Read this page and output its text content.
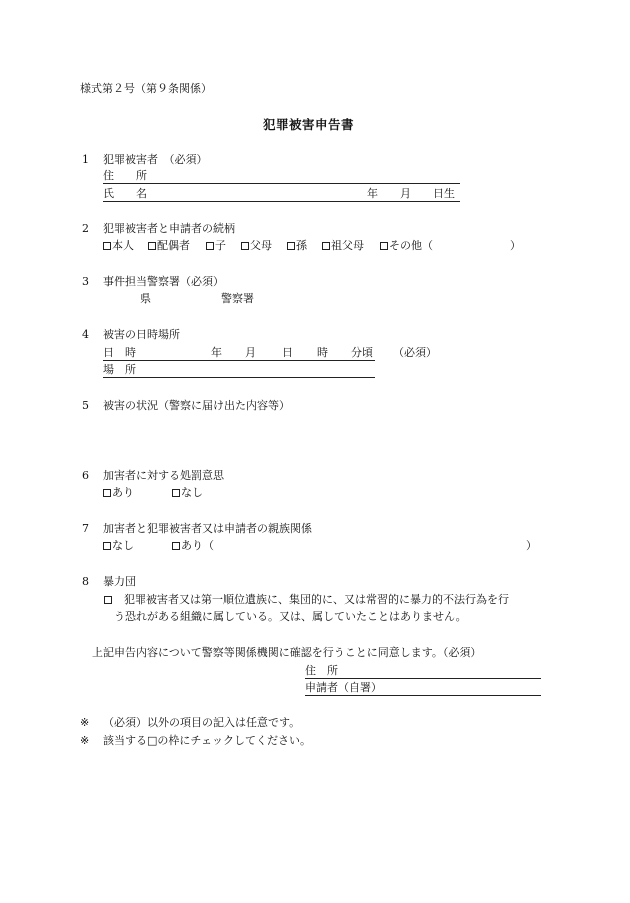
様式第２号（第９条関係）
犯罪被害申告書
1 犯罪被害者　（必須）
住　　所
氏　　名	年 月 日生
2 犯罪被害者と申請者の続柄
本人	配偶者	子	父母	孫	祖父母	その他（	）
3 事件担当警察署（必須）
県	警察署
4 被害の日時場所
日　時	年 月 日 時 分頃 （必須）
場　所
5 被害の状況（警察に届け出た内容等）
6 加害者に対する処罰意思
あり	なし
7 加害者と犯罪被害者又は申請者の親族関係
なし	あり（	）
8 暴力団
犯罪被害者又は第一順位遺族に、集団的に、又は常習的に暴力的不法行為を行
う恐れがある組織に属している。又は、属していたことはありません。
上記申告内容について警察等関係機関に確認を行うことに同意します。（必須）
住　所
申請者（自署）
※ （必須）以外の項目の記入は任意です。
※ 該当する□の枠にチェックしてください。
